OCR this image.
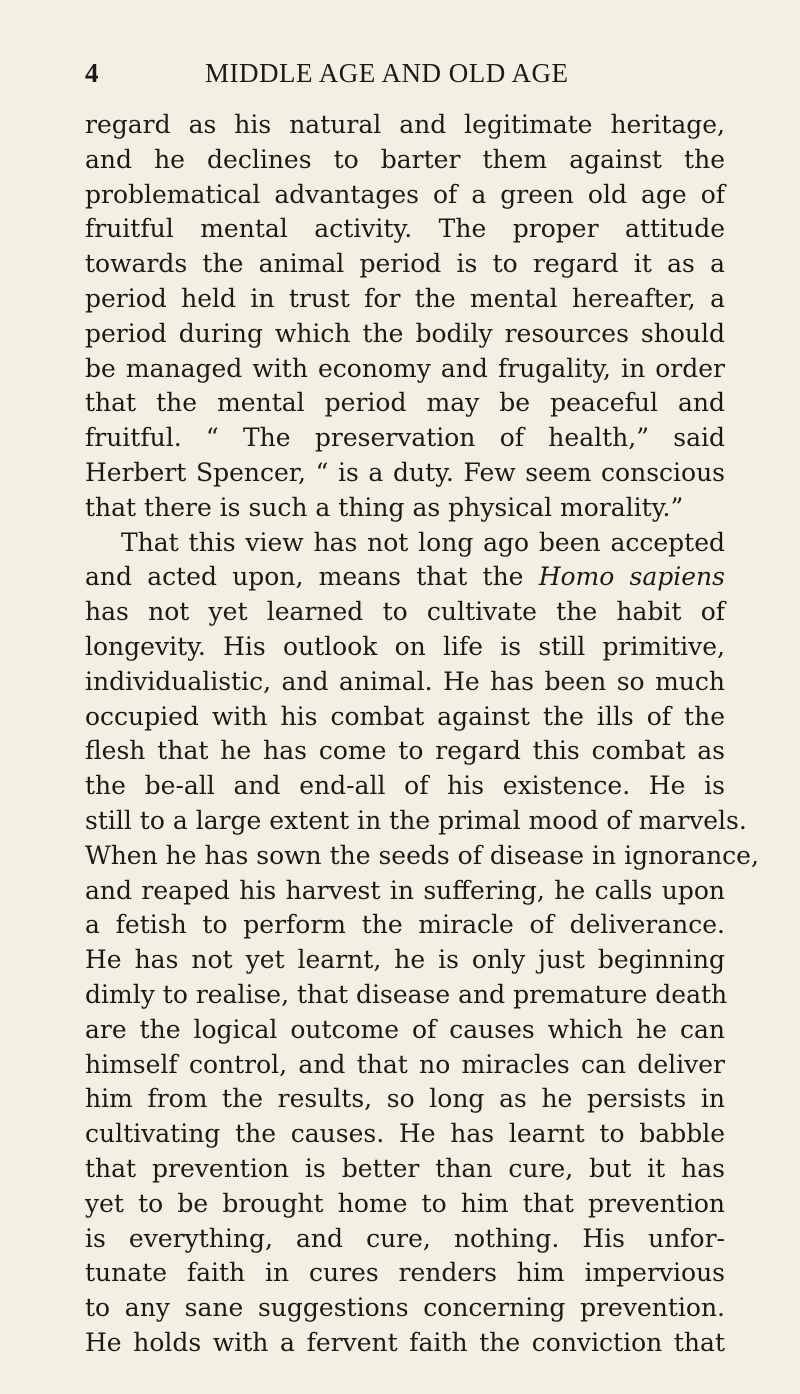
4	MIDDLE AGE AND OLD AGE
regard as his natural and legitimate heritage,
and he declines to barter them against the
problematical advantages of a green old age of
fruitful mental activity. The proper attitude
towards the animal period is to regard it as a
period held in trust for the mental hereafter, a
period during which the bodily resources should
be managed with economy and frugality, in order
that the mental period may be peaceful and
fruitful. “ The preservation of health,” said
Herbert Spencer, “ is a duty. Few seem conscious
that there is such a thing as physical morality.”
That this view has not long ago been accepted
and acted upon, means that the Homo sapiens
has not yet learned to cultivate the habit of
longevity. His outlook on life is still primitive,
individualistic, and animal. He has been so much
occupied with his combat against the ills of the
flesh that he has come to regard this combat as
the be-all and end-all of his existence. He is
still to a large extent in the primal mood of marvels.
When he has sown the seeds of disease in ignorance,
and reaped his harvest in suffering, he calls upon
a fetish to perform the miracle of deliverance.
He has not yet learnt, he is only just beginning
dimly to realise, that disease and premature death
are the logical outcome of causes which he can
himself control, and that no miracles can deliver
him from the results, so long as he persists in
cultivating the causes. He has learnt to babble
that prevention is better than cure, but it has
yet to be brought home to him that prevention
is everything, and cure, nothing. His unfor-
tunate faith in cures renders him impervious
to any sane suggestions concerning prevention.
He holds with a fervent faith the conviction that
